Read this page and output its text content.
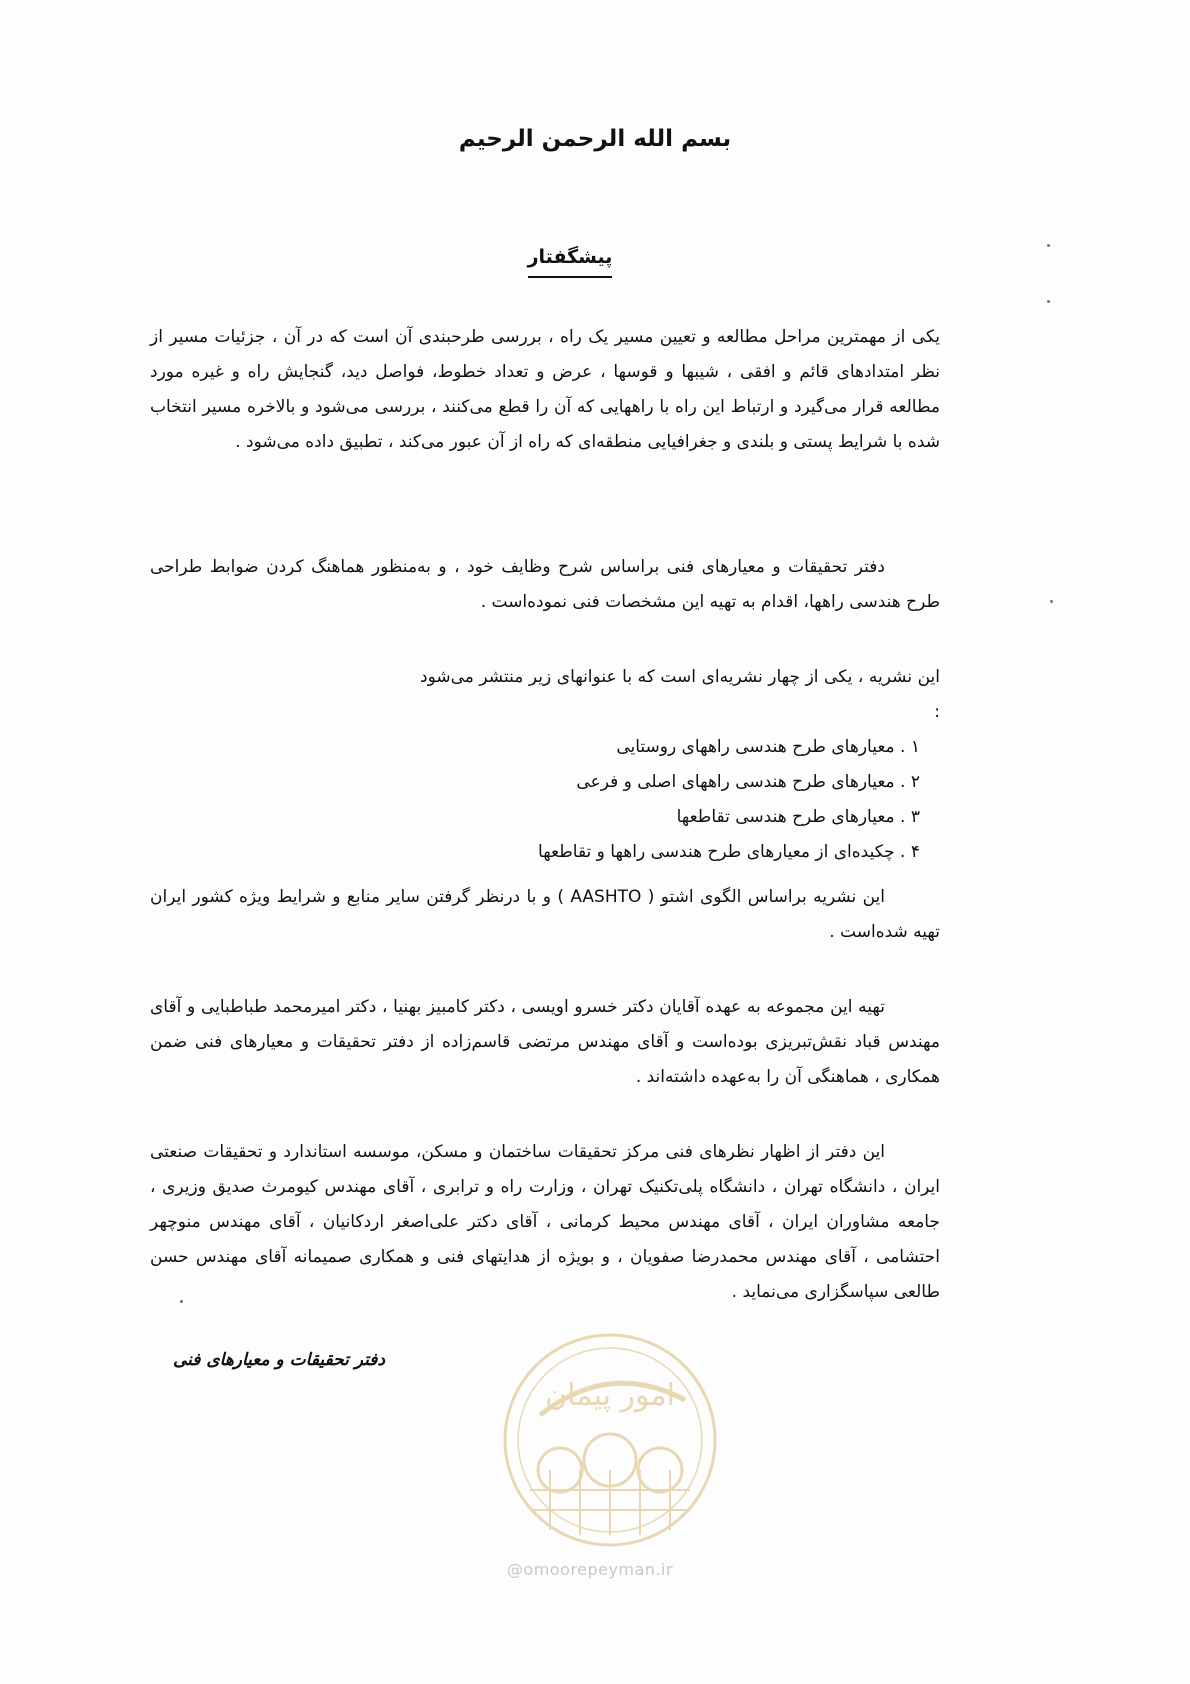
بسم الله الرحمن الرحيم
پیشگفتار
یکی از مهمترین مراحل مطالعه و تعیین مسیر یک راه ، بررسی طرحبندی آن است که در آن ، جزئیات مسیر از نظر امتدادهای قائم و افقی ، شیبها و قوسها ، عرض و تعداد خطوط، فواصل دید، گنجایش راه و غیره مورد مطالعه قرار می‌گیرد و ارتباط این راه با راههایی که آن را قطع می‌کنند ، بررسی می‌شود و بالاخره مسیر انتخاب شده با شرایط پستی و بلندی و جغرافیایی منطقه‌ای که راه از آن عبور می‌کند ، تطبیق داده می‌شود .
دفتر تحقیقات و معیارهای فنی براساس شرح وظایف خود ، و به‌منظور هماهنگ کردن ضوابط طراحی طرح هندسی راهها، اقدام به تهیه این مشخصات فنی نموده‌است .
این نشریه ، یکی از چهار نشریه‌ای است که با عنوانهای زیر منتشر می‌شود :
۱ . معیارهای طرح هندسی راههای روستایی
۲ . معیارهای طرح هندسی راههای اصلی و فرعی
۳ . معیارهای طرح هندسی تقاطعها
۴ . چکیده‌ای از معیارهای طرح هندسی راهها و تقاطعها
این نشریه براساس الگوی اشتو ( AASHTO ) و با درنظر گرفتن سایر منابع و شرایط ویژه کشور ایران تهیه شده‌است .
تهیه این مجموعه به عهده آقایان دکتر خسرو اویسی ، دکتر کامبیز بهنیا ، دکتر امیرمحمد طباطبایی و آقای مهندس قباد نقش‌تبریزی بوده‌است و آقای مهندس مرتضی قاسم‌زاده از دفتر تحقیقات و معیارهای فنی ضمن همکاری ، هماهنگی آن را به‌عهده داشته‌اند .
این دفتر از اظهار نظرهای فنی مرکز تحقیقات ساختمان و مسکن، موسسه استاندارد و تحقیقات صنعتی ایران ، دانشگاه تهران ، دانشگاه پلی‌تکنیک تهران ، وزارت راه و ترابری ، آقای مهندس کیومرث صدیق وزیری ، جامعه مشاوران ایران ، آقای مهندس محیط کرمانی ، آقای دکتر علی‌اصغر اردکانیان ، آقای مهندس منوچهر احتشامی ، آقای مهندس محمدرضا صفویان ، و بویژه از هدایتهای فنی و همکاری صمیمانه آقای مهندس حسن طالعی سپاسگزاری می‌نماید .
دفتر تحقیقات و معیارهای فنی
امور پیمان
@omoorepeyman.ir
